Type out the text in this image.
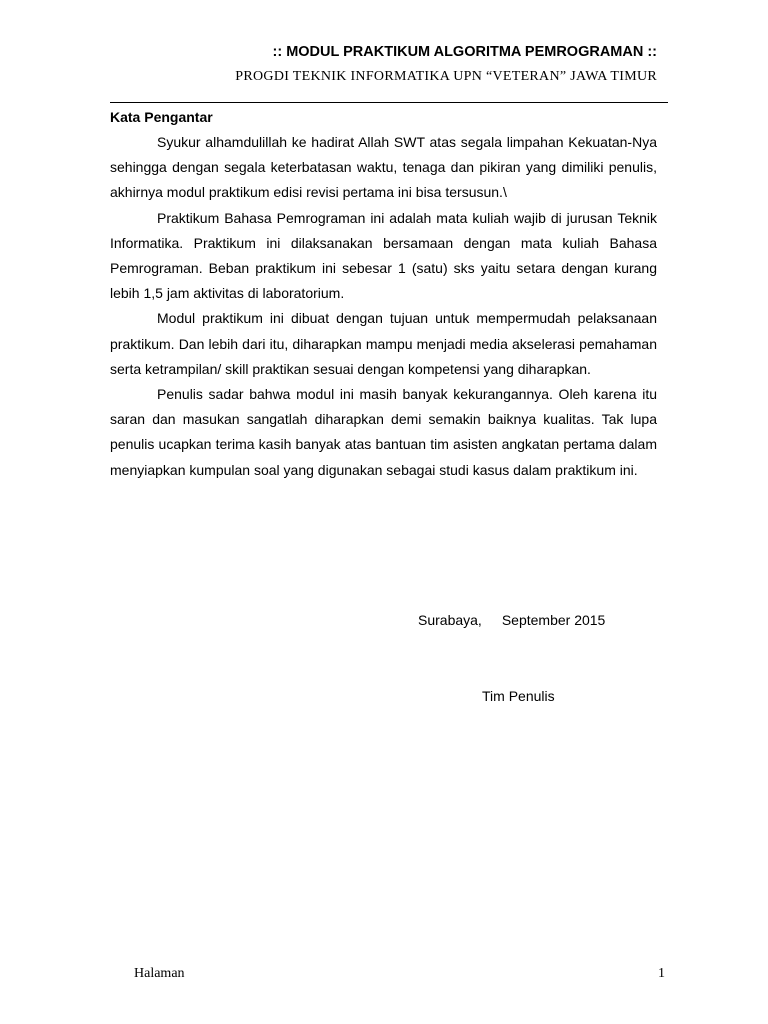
:: MODUL PRAKTIKUM ALGORITMA PEMROGRAMAN ::
PROGDI TEKNIK INFORMATIKA UPN “VETERAN” JAWA TIMUR
Kata Pengantar

Syukur alhamdulillah ke hadirat Allah SWT atas segala limpahan Kekuatan-Nya sehingga dengan segala keterbatasan waktu, tenaga dan pikiran yang dimiliki penulis, akhirnya modul praktikum edisi revisi pertama ini bisa tersusun.\

Praktikum Bahasa Pemrograman ini adalah mata kuliah wajib di jurusan Teknik Informatika. Praktikum ini dilaksanakan bersamaan dengan mata kuliah Bahasa Pemrograman. Beban praktikum ini sebesar 1 (satu) sks yaitu setara dengan kurang lebih 1,5 jam aktivitas di laboratorium.

Modul praktikum ini dibuat dengan tujuan untuk mempermudah pelaksanaan praktikum. Dan lebih dari itu, diharapkan mampu menjadi media akselerasi pemahaman serta ketrampilan/ skill praktikan sesuai dengan kompetensi yang diharapkan.

Penulis sadar bahwa modul ini masih banyak kekurangannya. Oleh karena itu saran dan masukan sangatlah diharapkan demi semakin baiknya kualitas. Tak lupa penulis ucapkan terima kasih banyak atas bantuan tim asisten angkatan pertama dalam menyiapkan kumpulan soal yang digunakan sebagai studi kasus dalam praktikum ini.

Surabaya, September 2015
Tim Penulis
Halaman	1
